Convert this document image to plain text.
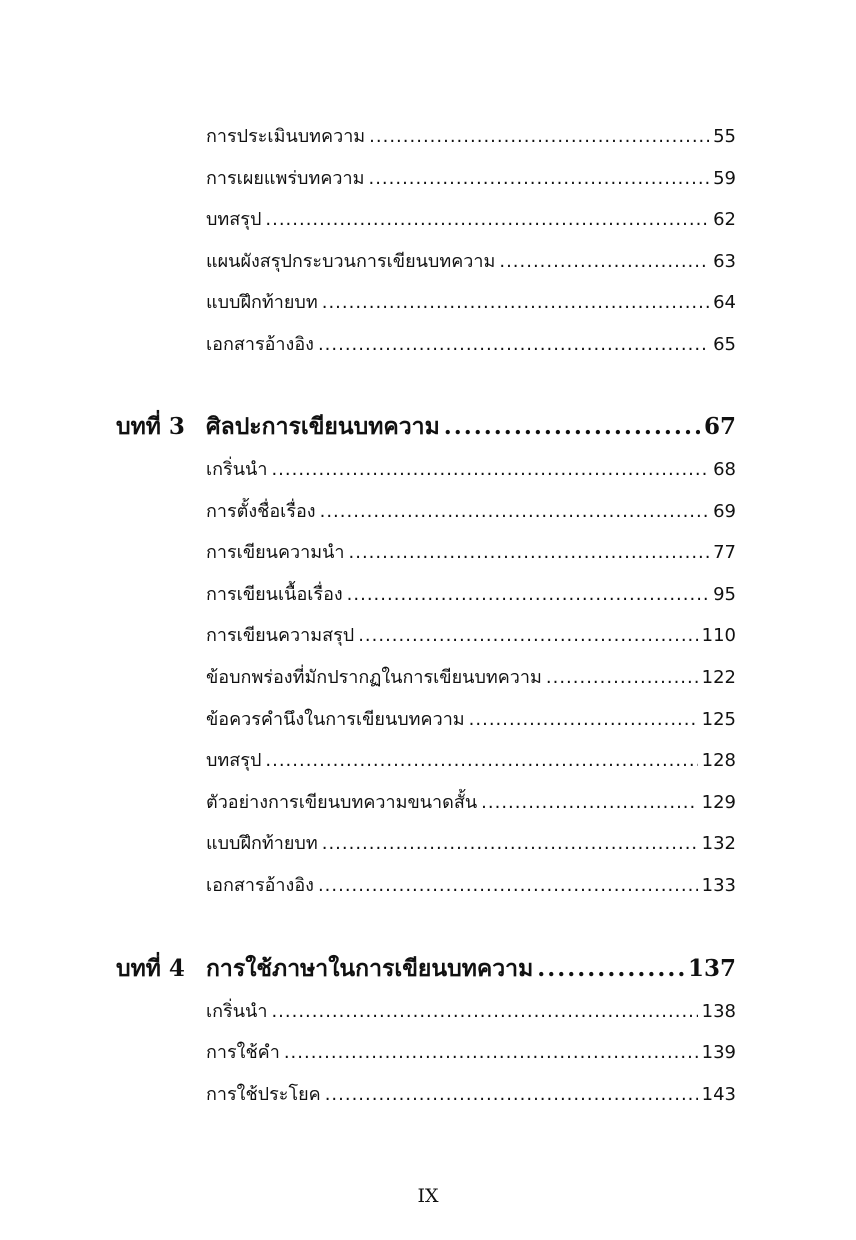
การประเมินบทความ .....	55
การเผยแพร่บทความ .....	59
บทสรุป .....	62
แผนผังสรุปกระบวนการเขียนบทความ .....	63
แบบฝึกท้ายบท .....	64
เอกสารอ้างอิง .....	65
บทที่ 3 ศิลปะการเขียนบทความ .....	67
เกริ่นนำ .....	68
การตั้งชื่อเรื่อง .....	69
การเขียนความนำ .....	77
การเขียนเนื้อเรื่อง .....	95
การเขียนความสรุป .....	110
ข้อบกพร่องที่มักปรากฏในการเขียนบทความ .....	122
ข้อควรคำนึงในการเขียนบทความ .....	125
บทสรุป .....	128
ตัวอย่างการเขียนบทความขนาดสั้น .....	129
แบบฝึกท้ายบท .....	132
เอกสารอ้างอิง .....	133
บทที่ 4 การใช้ภาษาในการเขียนบทความ .....	137
เกริ่นนำ .....	138
การใช้คำ .....	139
การใช้ประโยค .....	143
IX
